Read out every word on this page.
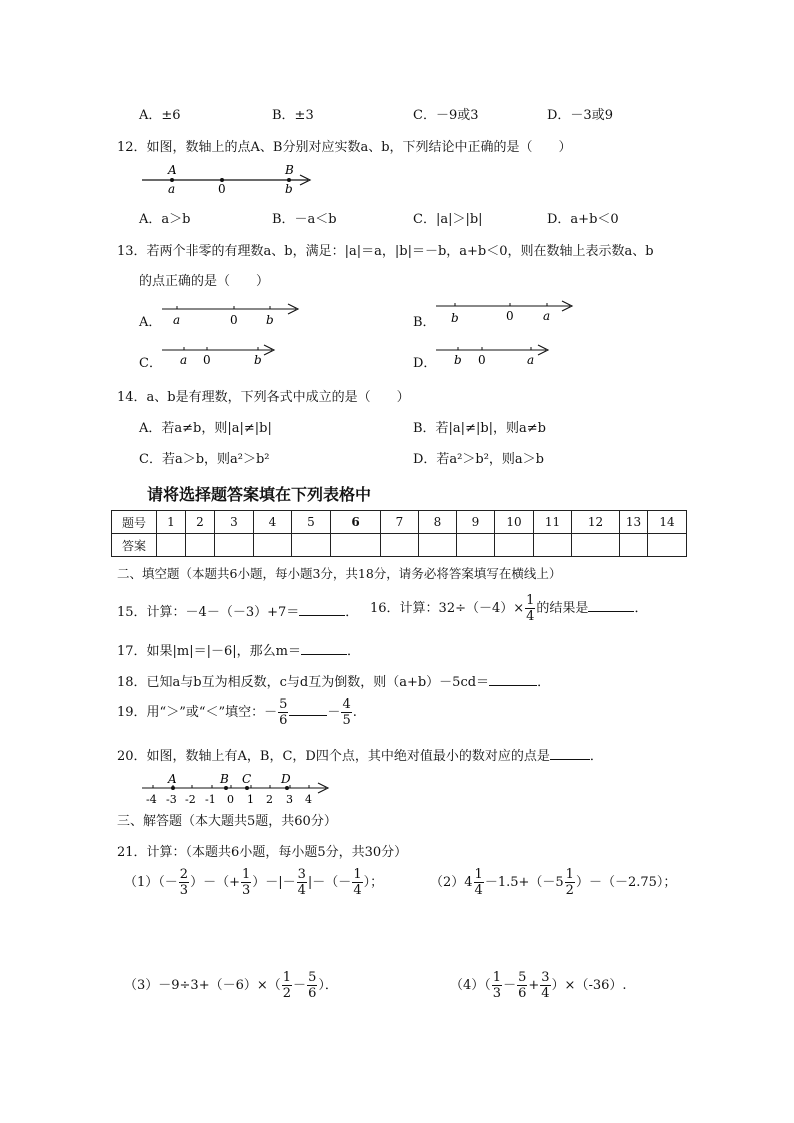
A．±6	B．±3	C．－9或3	D．－3或9
12．如图，数轴上的点A、B分别对应实数a、b，下列结论中正确的是（　　）
A
a	0
B
b
A．a＞b	B．－a＜b	C．|a|＞|b|	D．a+b＜0
13．若两个非零的有理数a、b，满足：|a|＝a，|b|＝－b，a+b＜0，则在数轴上表示数a、b
的点正确的是（　　）
A． a	0 b	B． b	0 a
C． a 0	b	D． b 0	a
14．a、b是有理数，下列各式中成立的是（　　）
A．若a≠b，则|a|≠|b|	B．若|a|≠|b|，则a≠b
C．若a＞b，则a²＞b²	D．若a²＞b²，则a＞b
请将选择题答案填在下列表格中
题号	1	2	3	4	5	6	7	8	9	10	11	12	13	14
答案														
二、填空题（本题共6小题，每小题3分，共18分，请务必将答案填写在横线上）
15．计算：－4－（－3）+7＝	． 16．计算：$32\div(-4)\times \frac{1}{4}$ 的结果是	．
17．如果|m|＝|－6|，那么m＝	．
18．已知a与b互为相反数，c与d互为倒数，则（a+b）－5cd＝	．
19．用“＞”或“＜”填空：－ $\frac{5}{6}$	－ $\frac{4}{5}$ .
20．如图，数轴上有A，B，C，D四个点，其中绝对值最小的数对应的点是	．
A	B C D
-4 -3 -2 -1 0 1 2 3 4
三、解答题（本大题共5题，共60分）
21．计算：（本题共6小题，每小题5分，共30分）
$(1)(- \frac{2}{3}$ ）－（+ $\frac{1}{3}$ ）－|－ $\frac{3}{4}$ |－（－ $\frac{1}{4}$ ）；	$(2)4 \frac{1}{4} -1.5+(-5 \frac{1}{2} )-(-2.75)$；
$(3)-9\div 3+(-6)\times( \frac{1}{2} - \frac{5}{6}$ ）．	$(4)( \frac{1}{3} - \frac{5}{6} + \frac{3}{4} )\times(-36)$.
